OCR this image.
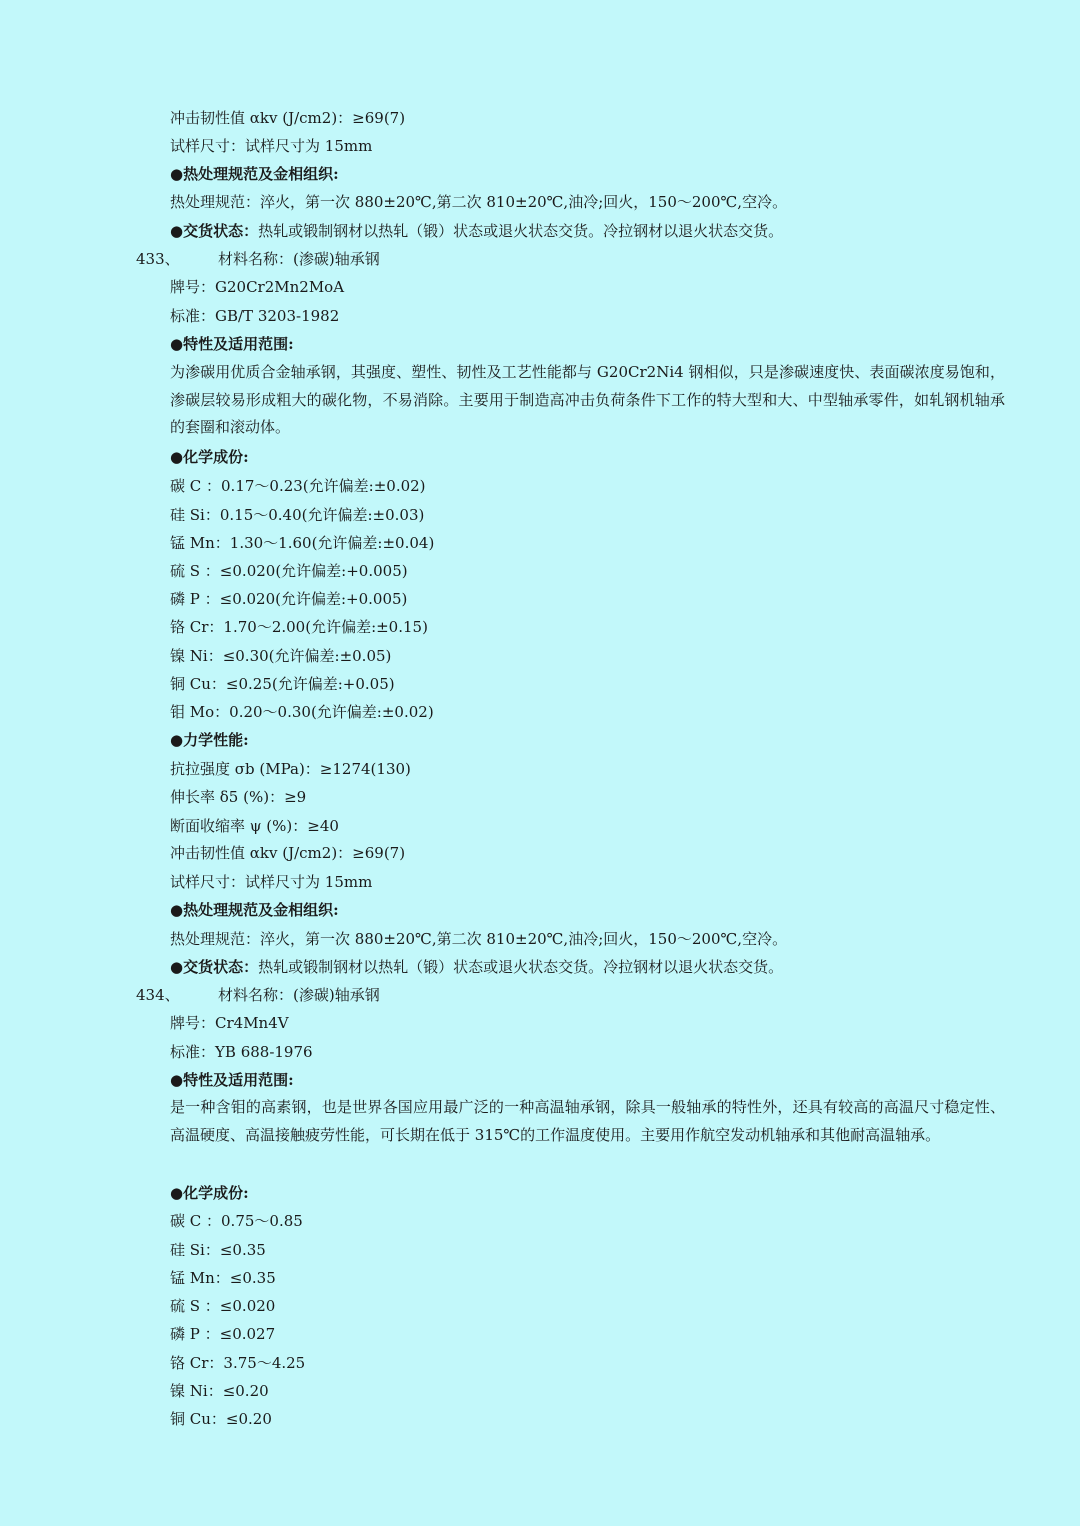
冲击韧性值 αkv (J/cm2)：≥69(7)
试样尺寸：试样尺寸为 15mm
●热处理规范及金相组织:
热处理规范：淬火，第一次 880±20℃,第二次 810±20℃,油冷;回火，150～200℃,空冷。
●交货状态：热轧或锻制钢材以热轧（锻）状态或退火状态交货。冷拉钢材以退火状态交货。
433、	材料名称：(渗碳)轴承钢
牌号：G20Cr2Mn2MoA
标准：GB/T 3203-1982
●特性及适用范围:
为渗碳用优质合金轴承钢，其强度、塑性、韧性及工艺性能都与 G20Cr2Ni4 钢相似，只是渗碳速度快、表面碳浓度易饱和，渗碳层较易形成粗大的碳化物，不易消除。主要用于制造高冲击负荷条件下工作的特大型和大、中型轴承零件，如轧钢机轴承的套圈和滚动体。
●化学成份:
碳 C ：0.17～0.23(允许偏差:±0.02)
硅 Si：0.15～0.40(允许偏差:±0.03)
锰 Mn：1.30～1.60(允许偏差:±0.04)
硫 S ：≤0.020(允许偏差:+0.005)
磷 P ：≤0.020(允许偏差:+0.005)
铬 Cr：1.70～2.00(允许偏差:±0.15)
镍 Ni：≤0.30(允许偏差:±0.05)
铜 Cu：≤0.25(允许偏差:+0.05)
钼 Mo：0.20～0.30(允许偏差:±0.02)
●力学性能:
抗拉强度 σb (MPa)：≥1274(130)
伸长率 δ5 (%)：≥9
断面收缩率 ψ (%)：≥40
冲击韧性值 αkv (J/cm2)：≥69(7)
试样尺寸：试样尺寸为 15mm
●热处理规范及金相组织:
热处理规范：淬火，第一次 880±20℃,第二次 810±20℃,油冷;回火，150～200℃,空冷。
●交货状态：热轧或锻制钢材以热轧（锻）状态或退火状态交货。冷拉钢材以退火状态交货。
434、	材料名称：(渗碳)轴承钢
牌号：Cr4Mn4V
标准：YB 688-1976
●特性及适用范围:
是一种含钼的高素钢，也是世界各国应用最广泛的一种高温轴承钢，除具一般轴承的特性外，还具有较高的高温尺寸稳定性、高温硬度、高温接触疲劳性能，可长期在低于 315℃的工作温度使用。主要用作航空发动机轴承和其他耐高温轴承。
●化学成份:
碳 C ：0.75～0.85
硅 Si：≤0.35
锰 Mn：≤0.35
硫 S ：≤0.020
磷 P ：≤0.027
铬 Cr：3.75～4.25
镍 Ni：≤0.20
铜 Cu：≤0.20
